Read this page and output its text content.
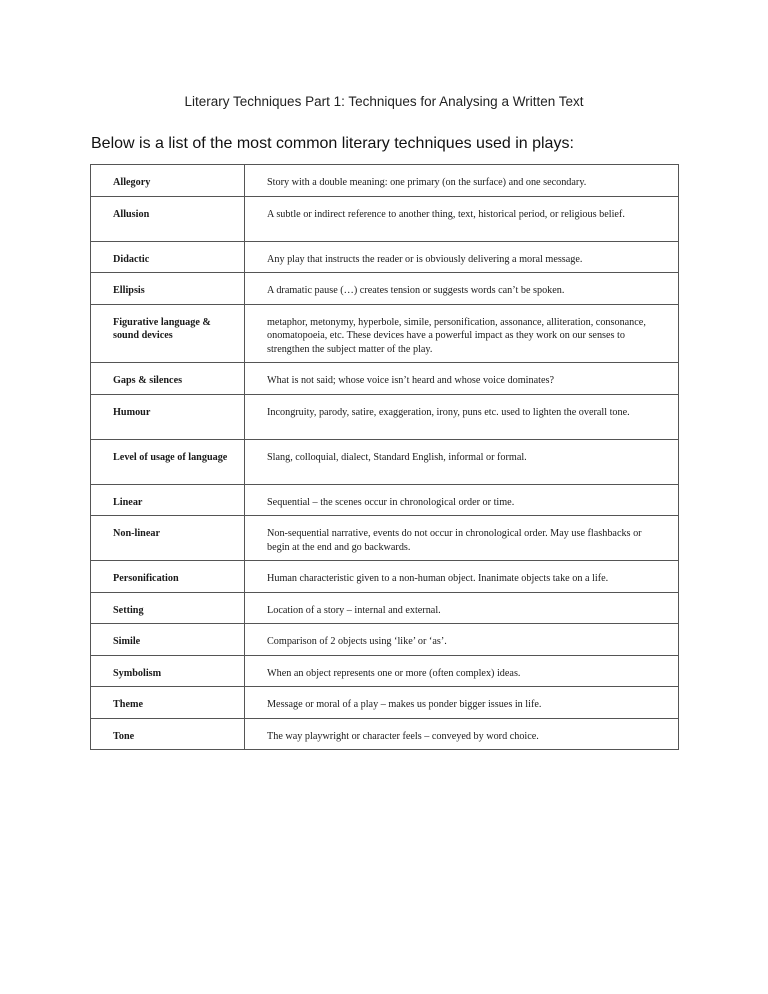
Literary Techniques Part 1: Techniques for Analysing a Written Text
Below is a list of the most common literary techniques used in plays:
Allegory	Story with a double meaning: one primary (on the surface) and one secondary.
Allusion	A subtle or indirect reference to another thing, text, historical period, or religious belief.
Didactic	Any play that instructs the reader or is obviously delivering a moral message.
Ellipsis	A dramatic pause (…) creates tension or suggests words can’t be spoken.
Figurative language & sound devices	metaphor, metonymy, hyperbole, simile, personification, assonance, alliteration, consonance, onomatopoeia, etc. These devices have a powerful impact as they work on our senses to strengthen the subject matter of the play.
Gaps & silences	What is not said; whose voice isn’t heard and whose voice dominates?
Humour	Incongruity, parody, satire, exaggeration, irony, puns etc. used to lighten the overall tone.
Level of usage of language	Slang, colloquial, dialect, Standard English, informal or formal.
Linear	Sequential – the scenes occur in chronological order or time.
Non-linear	Non-sequential narrative, events do not occur in chronological order. May use flashbacks or begin at the end and go backwards.
Personification	Human characteristic given to a non-human object. Inanimate objects take on a life.
Setting	Location of a story – internal and external.
Simile	Comparison of 2 objects using ‘like’ or ‘as’.
Symbolism	When an object represents one or more (often complex) ideas.
Theme	Message or moral of a play – makes us ponder bigger issues in life.
Tone	The way playwright or character feels – conveyed by word choice.
